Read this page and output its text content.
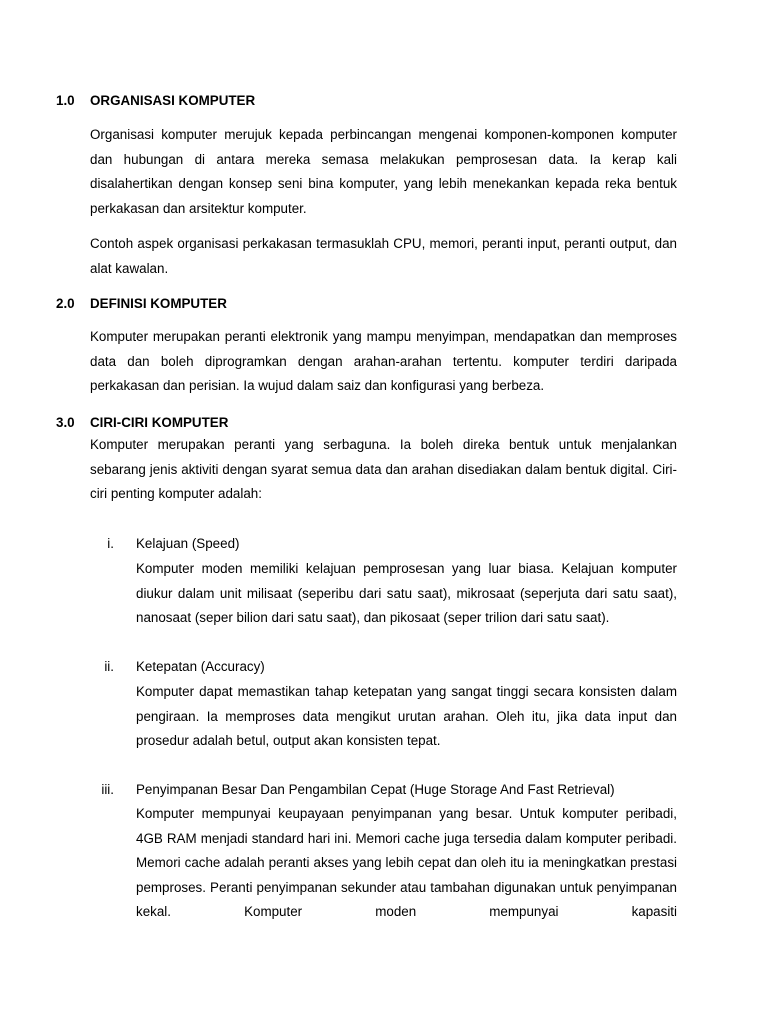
1.0 ORGANISASI KOMPUTER

Organisasi komputer merujuk kepada perbincangan mengenai komponen-komponen komputer dan hubungan di antara mereka semasa melakukan pemprosesan data. Ia kerap kali disalahertikan dengan konsep seni bina komputer, yang lebih menekankan kepada reka bentuk perkakasan dan arsitektur komputer.

Contoh aspek organisasi perkakasan termasuklah CPU, memori, peranti input, peranti output, dan alat kawalan.

2.0 DEFINISI KOMPUTER

Komputer merupakan peranti elektronik yang mampu menyimpan, mendapatkan dan memproses data dan boleh diprogramkan dengan arahan-arahan tertentu. komputer terdiri daripada perkakasan dan perisian. Ia wujud dalam saiz dan konfigurasi yang berbeza.

3.0 CIRI-CIRI KOMPUTER

Komputer merupakan peranti yang serbaguna. Ia boleh direka bentuk untuk menjalankan sebarang jenis aktiviti dengan syarat semua data dan arahan disediakan dalam bentuk digital. Ciri-ciri penting komputer adalah:

i. Kelajuan (Speed)

Komputer moden memiliki kelajuan pemprosesan yang luar biasa. Kelajuan komputer diukur dalam unit milisaat (seperibu dari satu saat), mikrosaat (seperjuta dari satu saat), nanosaat (seper bilion dari satu saat), dan pikosaat (seper trilion dari satu saat).

ii. Ketepatan (Accuracy)

Komputer dapat memastikan tahap ketepatan yang sangat tinggi secara konsisten dalam pengiraan. Ia memproses data mengikut urutan arahan. Oleh itu, jika data input dan prosedur adalah betul, output akan konsisten tepat.

iii. Penyimpanan Besar Dan Pengambilan Cepat (Huge Storage And Fast Retrieval)

Komputer mempunyai keupayaan penyimpanan yang besar. Untuk komputer peribadi, 4GB RAM menjadi standard hari ini. Memori cache juga tersedia dalam komputer peribadi. Memori cache adalah peranti akses yang lebih cepat dan oleh itu ia meningkatkan prestasi pemproses. Peranti penyimpanan sekunder atau tambahan digunakan untuk penyimpanan kekal. Komputer moden mempunyai kapasiti
